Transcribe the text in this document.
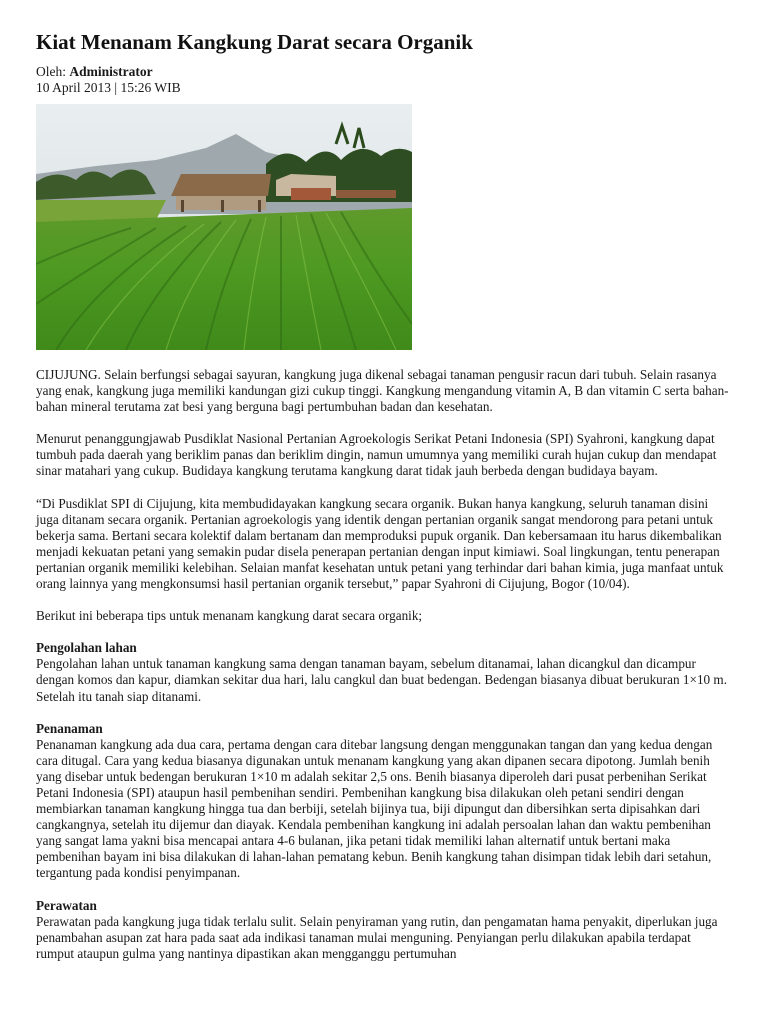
Kiat Menanam Kangkung Darat secara Organik
Oleh: Administrator
10 April 2013 | 15:26 WIB

CIJUJUNG. Selain berfungsi sebagai sayuran, kangkung juga dikenal sebagai tanaman pengusir racun dari tubuh. Selain rasanya yang enak, kangkung juga memiliki kandungan gizi cukup tinggi. Kangkung mengandung vitamin A, B dan vitamin C serta bahan-bahan mineral terutama zat besi yang berguna bagi pertumbuhan badan dan kesehatan.

Menurut penanggungjawab Pusdiklat Nasional Pertanian Agroekologis Serikat Petani Indonesia (SPI) Syahroni, kangkung dapat tumbuh pada daerah yang beriklim panas dan beriklim dingin, namun umumnya yang memiliki curah hujan cukup dan mendapat sinar matahari yang cukup. Budidaya kangkung terutama kangkung darat tidak jauh berbeda dengan budidaya bayam.

“Di Pusdiklat SPI di Cijujung, kita membudidayakan kangkung secara organik. Bukan hanya kangkung, seluruh tanaman disini juga ditanam secara organik. Pertanian agroekologis yang identik dengan pertanian organik sangat mendorong para petani untuk bekerja sama. Bertani secara kolektif dalam bertanam dan memproduksi pupuk organik. Dan kebersamaan itu harus dikembalikan menjadi kekuatan petani yang semakin pudar disela penerapan pertanian dengan input kimiawi. Soal lingkungan, tentu penerapan pertanian organik memiliki kelebihan. Selaian manfat kesehatan untuk petani yang terhindar dari bahan kimia, juga manfaat untuk orang lainnya yang mengkonsumsi hasil pertanian organik tersebut,” papar Syahroni di Cijujung, Bogor (10/04).

Berikut ini beberapa tips untuk menanam kangkung darat secara organik;

Pengolahan lahan
Pengolahan lahan untuk tanaman kangkung sama dengan tanaman bayam, sebelum ditanamai, lahan dicangkul dan dicampur dengan komos dan kapur, diamkan sekitar dua hari, lalu cangkul dan buat bedengan. Bedengan biasanya dibuat berukuran 1×10 m. Setelah itu tanah siap ditanami.
Penanaman
Penanaman kangkung ada dua cara, pertama dengan cara ditebar langsung dengan menggunakan tangan dan yang kedua dengan cara ditugal. Cara yang kedua biasanya digunakan untuk menanam kangkung yang akan dipanen secara dipotong. Jumlah benih yang disebar untuk bedengan berukuran 1×10 m adalah sekitar 2,5 ons. Benih biasanya diperoleh dari pusat perbenihan Serikat Petani Indonesia (SPI) ataupun hasil pembenihan sendiri. Pembenihan kangkung bisa dilakukan oleh petani sendiri dengan membiarkan tanaman kangkung hingga tua dan berbiji, setelah bijinya tua, biji dipungut dan dibersihkan serta dipisahkan dari cangkangnya, setelah itu dijemur dan diayak. Kendala pembenihan kangkung ini adalah persoalan lahan dan waktu pembenihan yang sangat lama yakni bisa mencapai antara 4-6 bulanan, jika petani tidak memiliki lahan alternatif untuk bertani maka pembenihan bayam ini bisa dilakukan di lahan-lahan pematang kebun. Benih kangkung tahan disimpan tidak lebih dari setahun, tergantung pada kondisi penyimpanan.
Perawatan
Perawatan pada kangkung juga tidak terlalu sulit. Selain penyiraman yang rutin, dan pengamatan hama penyakit, diperlukan juga penambahan asupan zat hara pada saat ada indikasi tanaman mulai menguning. Penyiangan perlu dilakukan apabila terdapat rumput ataupun gulma yang nantinya dipastikan akan mengganggu pertumuhan
